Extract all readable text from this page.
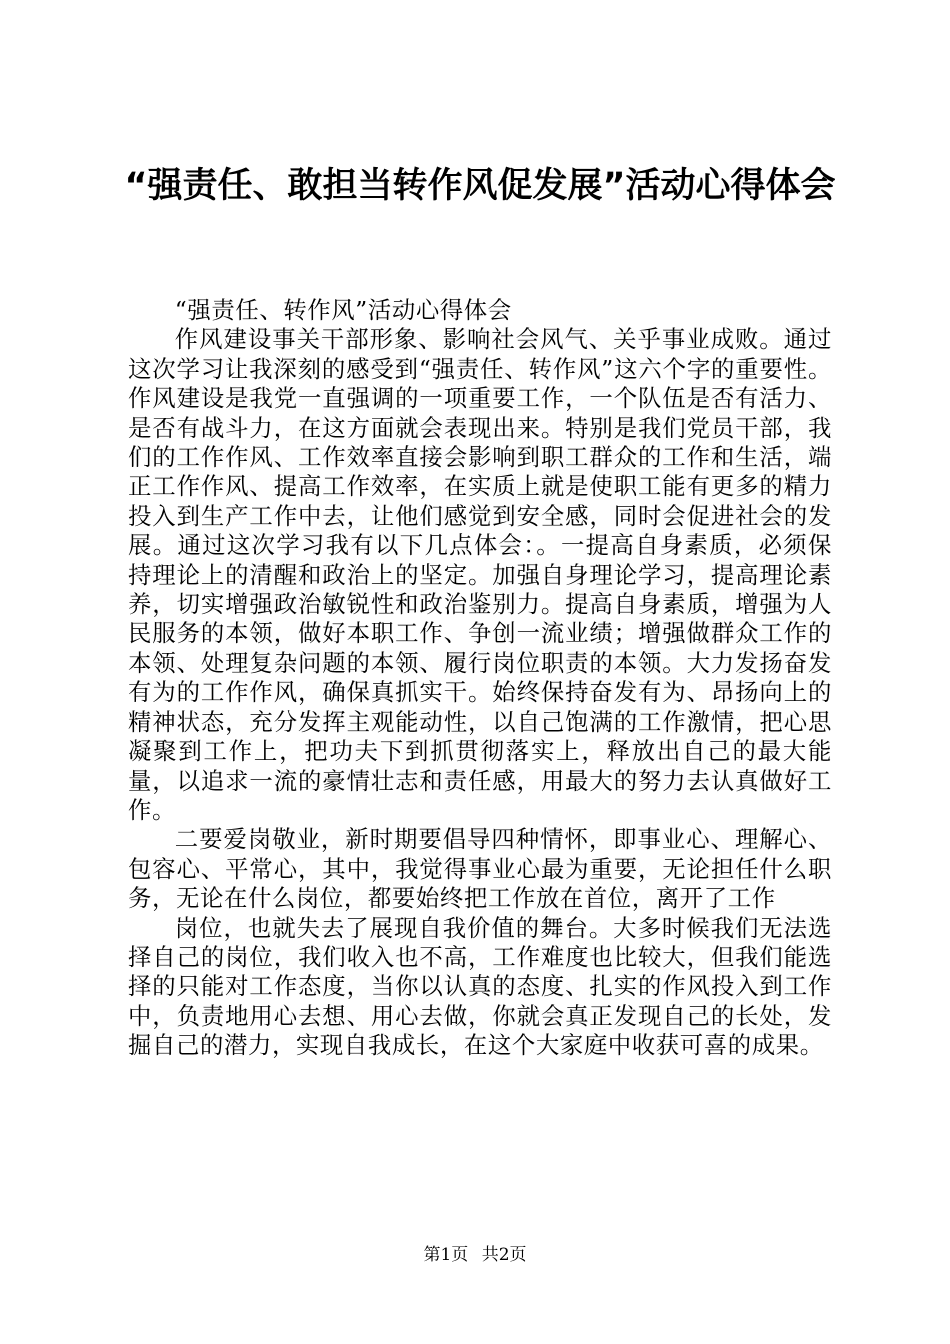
“强责任、敢担当转作风促发展”活动心得体会

“强责任、转作风”活动心得体会

作风建设事关干部形象、影响社会风气、关乎事业成败。通过这次学习让我深刻的感受到“强责任、转作风”这六个字的重要性。作风建设是我党一直强调的一项重要工作，一个队伍是否有活力、是否有战斗力，在这方面就会表现出来。特别是我们党员干部，我们的工作作风、工作效率直接会影响到职工群众的工作和生活，端正工作作风、提高工作效率，在实质上就是使职工能有更多的精力投入到生产工作中去，让他们感觉到安全感，同时会促进社会的发展。通过这次学习我有以下几点体会：。一提高自身素质，必须保持理论上的清醒和政治上的坚定。加强自身理论学习，提高理论素养，切实增强政治敏锐性和政治鉴别力。提高自身素质，增强为人民服务的本领，做好本职工作、争创一流业绩；增强做群众工作的本领、处理复杂问题的本领、履行岗位职责的本领。大力发扬奋发有为的工作作风，确保真抓实干。始终保持奋发有为、昂扬向上的精神状态，充分发挥主观能动性，以自己饱满的工作激情，把心思凝聚到工作上，把功夫下到抓贯彻落实上，释放出自己的最大能量，以追求一流的豪情壮志和责任感，用最大的努力去认真做好工作。

二要爱岗敬业，新时期要倡导四种情怀，即事业心、理解心、包容心、平常心，其中，我觉得事业心最为重要，无论担任什么职务，无论在什么岗位，都要始终把工作放在首位，离开了工作

岗位，也就失去了展现自我价值的舞台。大多时候我们无法选择自己的岗位，我们收入也不高，工作难度也比较大，但我们能选择的只能对工作态度，当你以认真的态度、扎实的作风投入到工作中，负责地用心去想、用心去做，你就会真正发现自己的长处，发掘自己的潜力，实现自我成长，在这个大家庭中收获可喜的成果。

第1页 共2页
